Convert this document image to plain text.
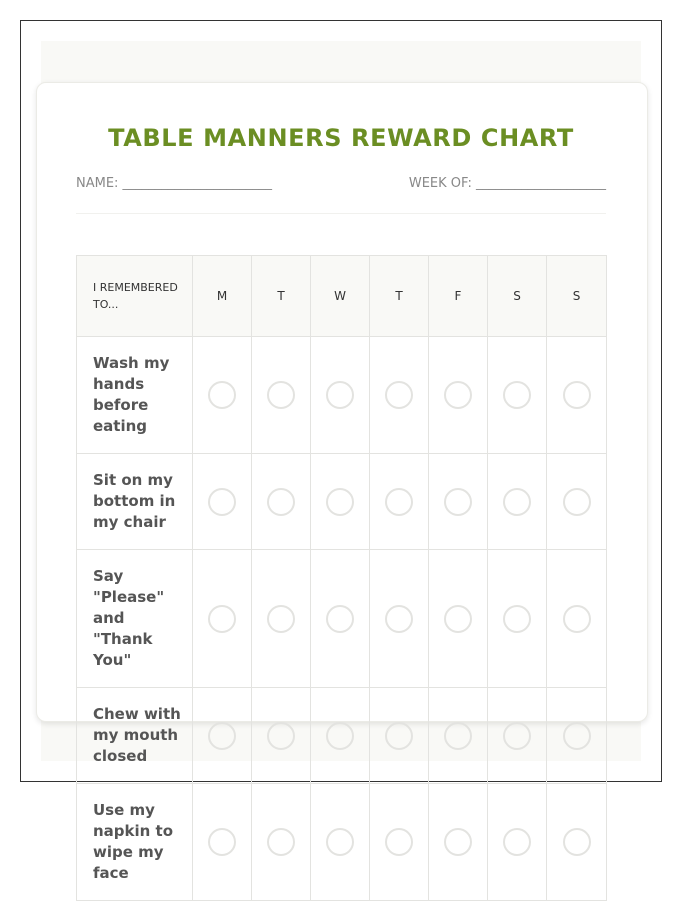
TABLE MANNERS REWARD CHART
NAME: _______________________	WEEK OF: ____________________
I REMEMBERED TO...	M	T	W	T	F	S	S
Wash my hands before eating							
Sit on my bottom in my chair							
Say "Please" and "Thank You"							
Chew with my mouth closed							
Use my napkin to wipe my face							
